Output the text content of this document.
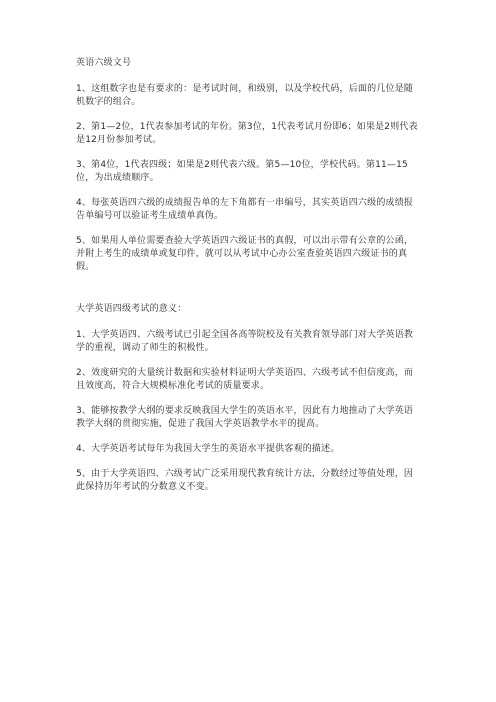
英语六级文号

1、这组数字也是有要求的：是考试时间，和级别，以及学校代码，后面的几位是随机数字的组合。

2、第1—2位，1代表参加考试的年份。第3位，1代表考试月份即6；如果是2则代表是12月份参加考试。

3、第4位，1代表四级；如果是2则代表六级。第5—10位，学校代码。第11—15位，为出成绩顺序。

4、每张英语四六级的成绩报告单的左下角都有一串编号，其实英语四六级的成绩报告单编号可以验证考生成绩单真伪。

5、如果用人单位需要查验大学英语四六级证书的真假，可以出示带有公章的公函，并附上考生的成绩单或复印件，就可以从考试中心办公室查验英语四六级证书的真假。

大学英语四级考试的意义：

1、大学英语四、六级考试已引起全国各高等院校及有关教育领导部门对大学英语教学的重视，调动了师生的积极性。

2、效度研究的大量统计数据和实验材料证明大学英语四、六级考试不但信度高，而且效度高，符合大规模标准化考试的质量要求。

3、能够按教学大纲的要求反映我国大学生的英语水平，因此有力地推动了大学英语教学大纲的贯彻实施，促进了我国大学英语教学水平的提高。

4、大学英语考试每年为我国大学生的英语水平提供客观的描述。

5、由于大学英语四、六级考试广泛采用现代教育统计方法，分数经过等值处理，因此保持历年考试的分数意义不变。
